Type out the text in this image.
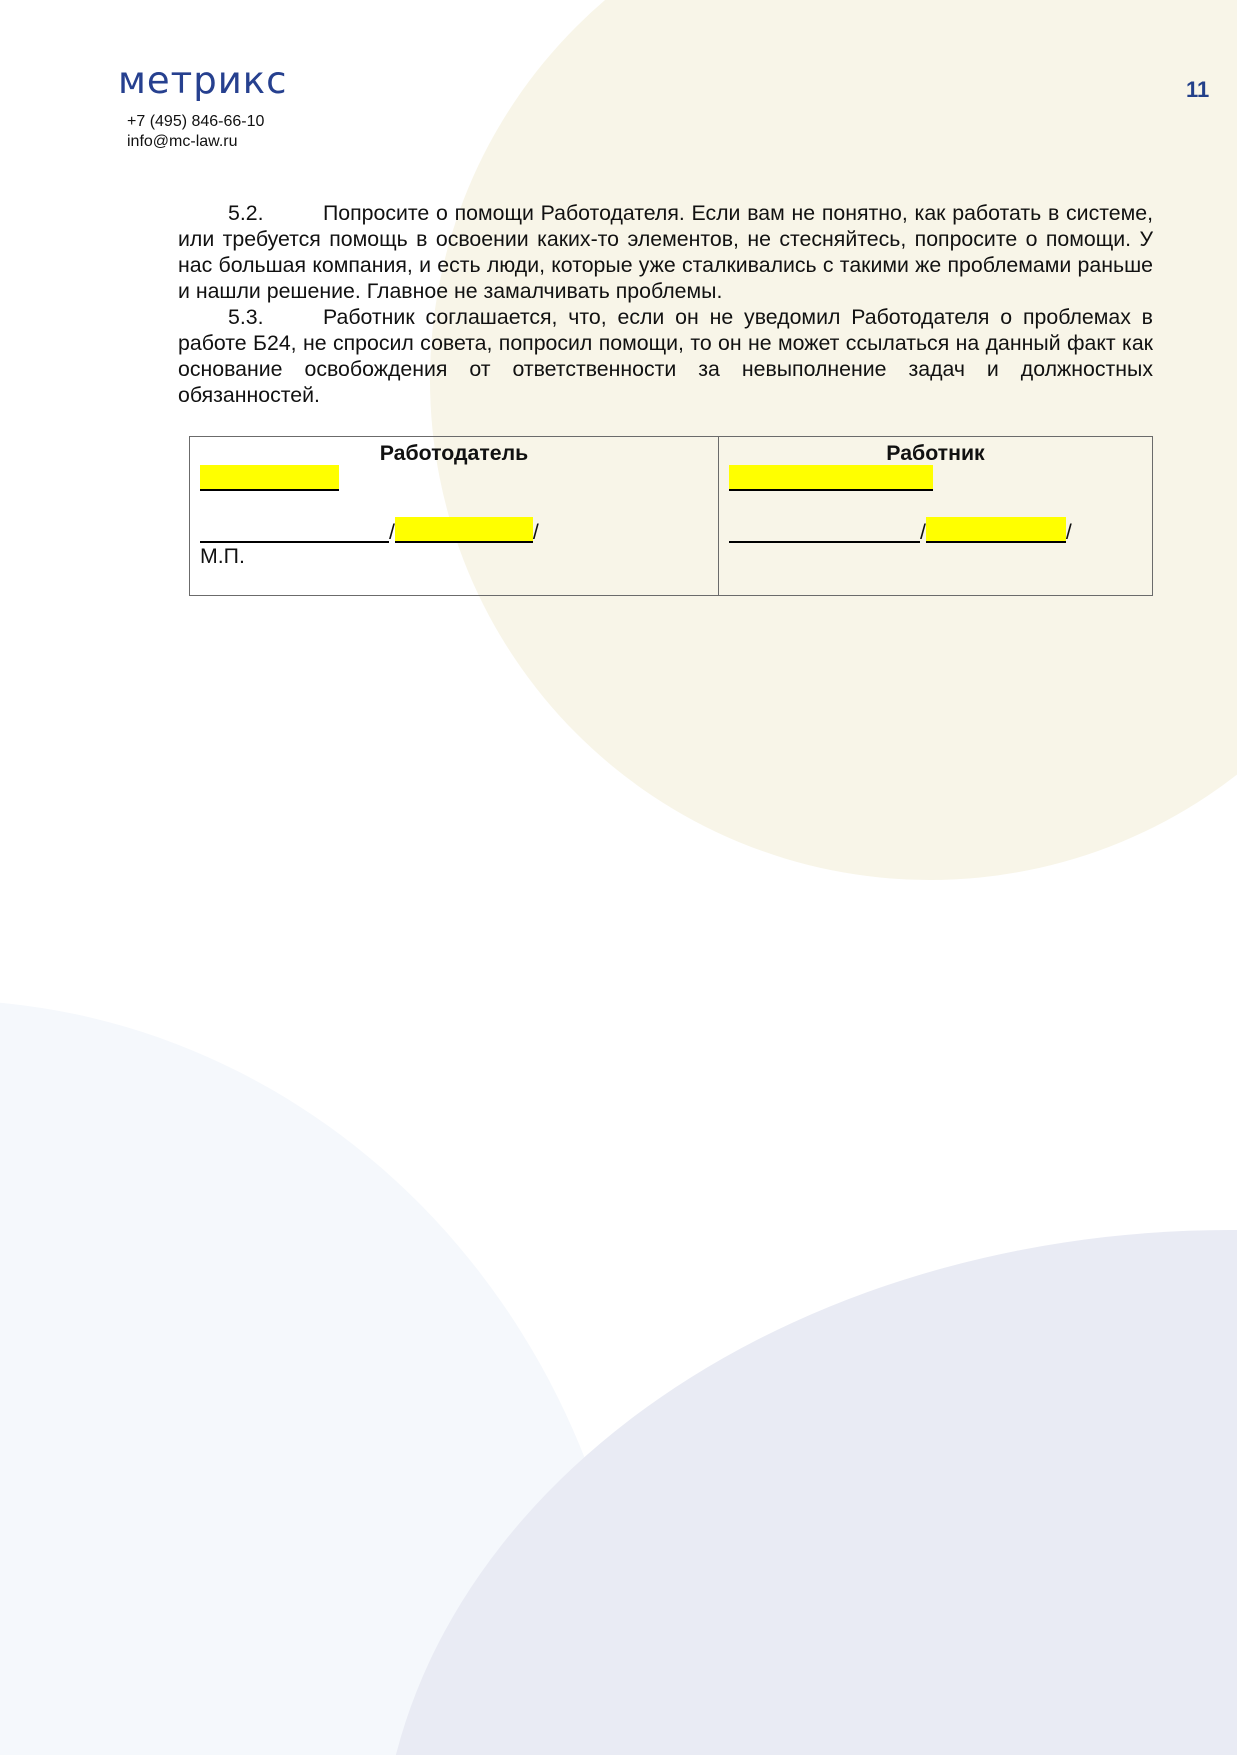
метрикс
+7 (495) 846-66-10
info@mc-law.ru
11

5.2.	Попросите о помощи Работодателя. Если вам не понятно, как работать в системе, или требуется помощь в освоении каких-то элементов, не стесняйтесь, попросите о помощи. У нас большая компания, и есть люди, которые уже сталкивались с такими же проблемами раньше и нашли решение. Главное не замалчивать проблемы.

5.3.	Работник соглашается, что, если он не уведомил Работодателя о проблемах в работе Б24, не спросил совета, попросил помощи, то он не может ссылаться на данный факт как основание освобождения от ответственности за невыполнение задач и должностных обязанностей.

Работодатель
/	/
М.П.

Работник
/	/
